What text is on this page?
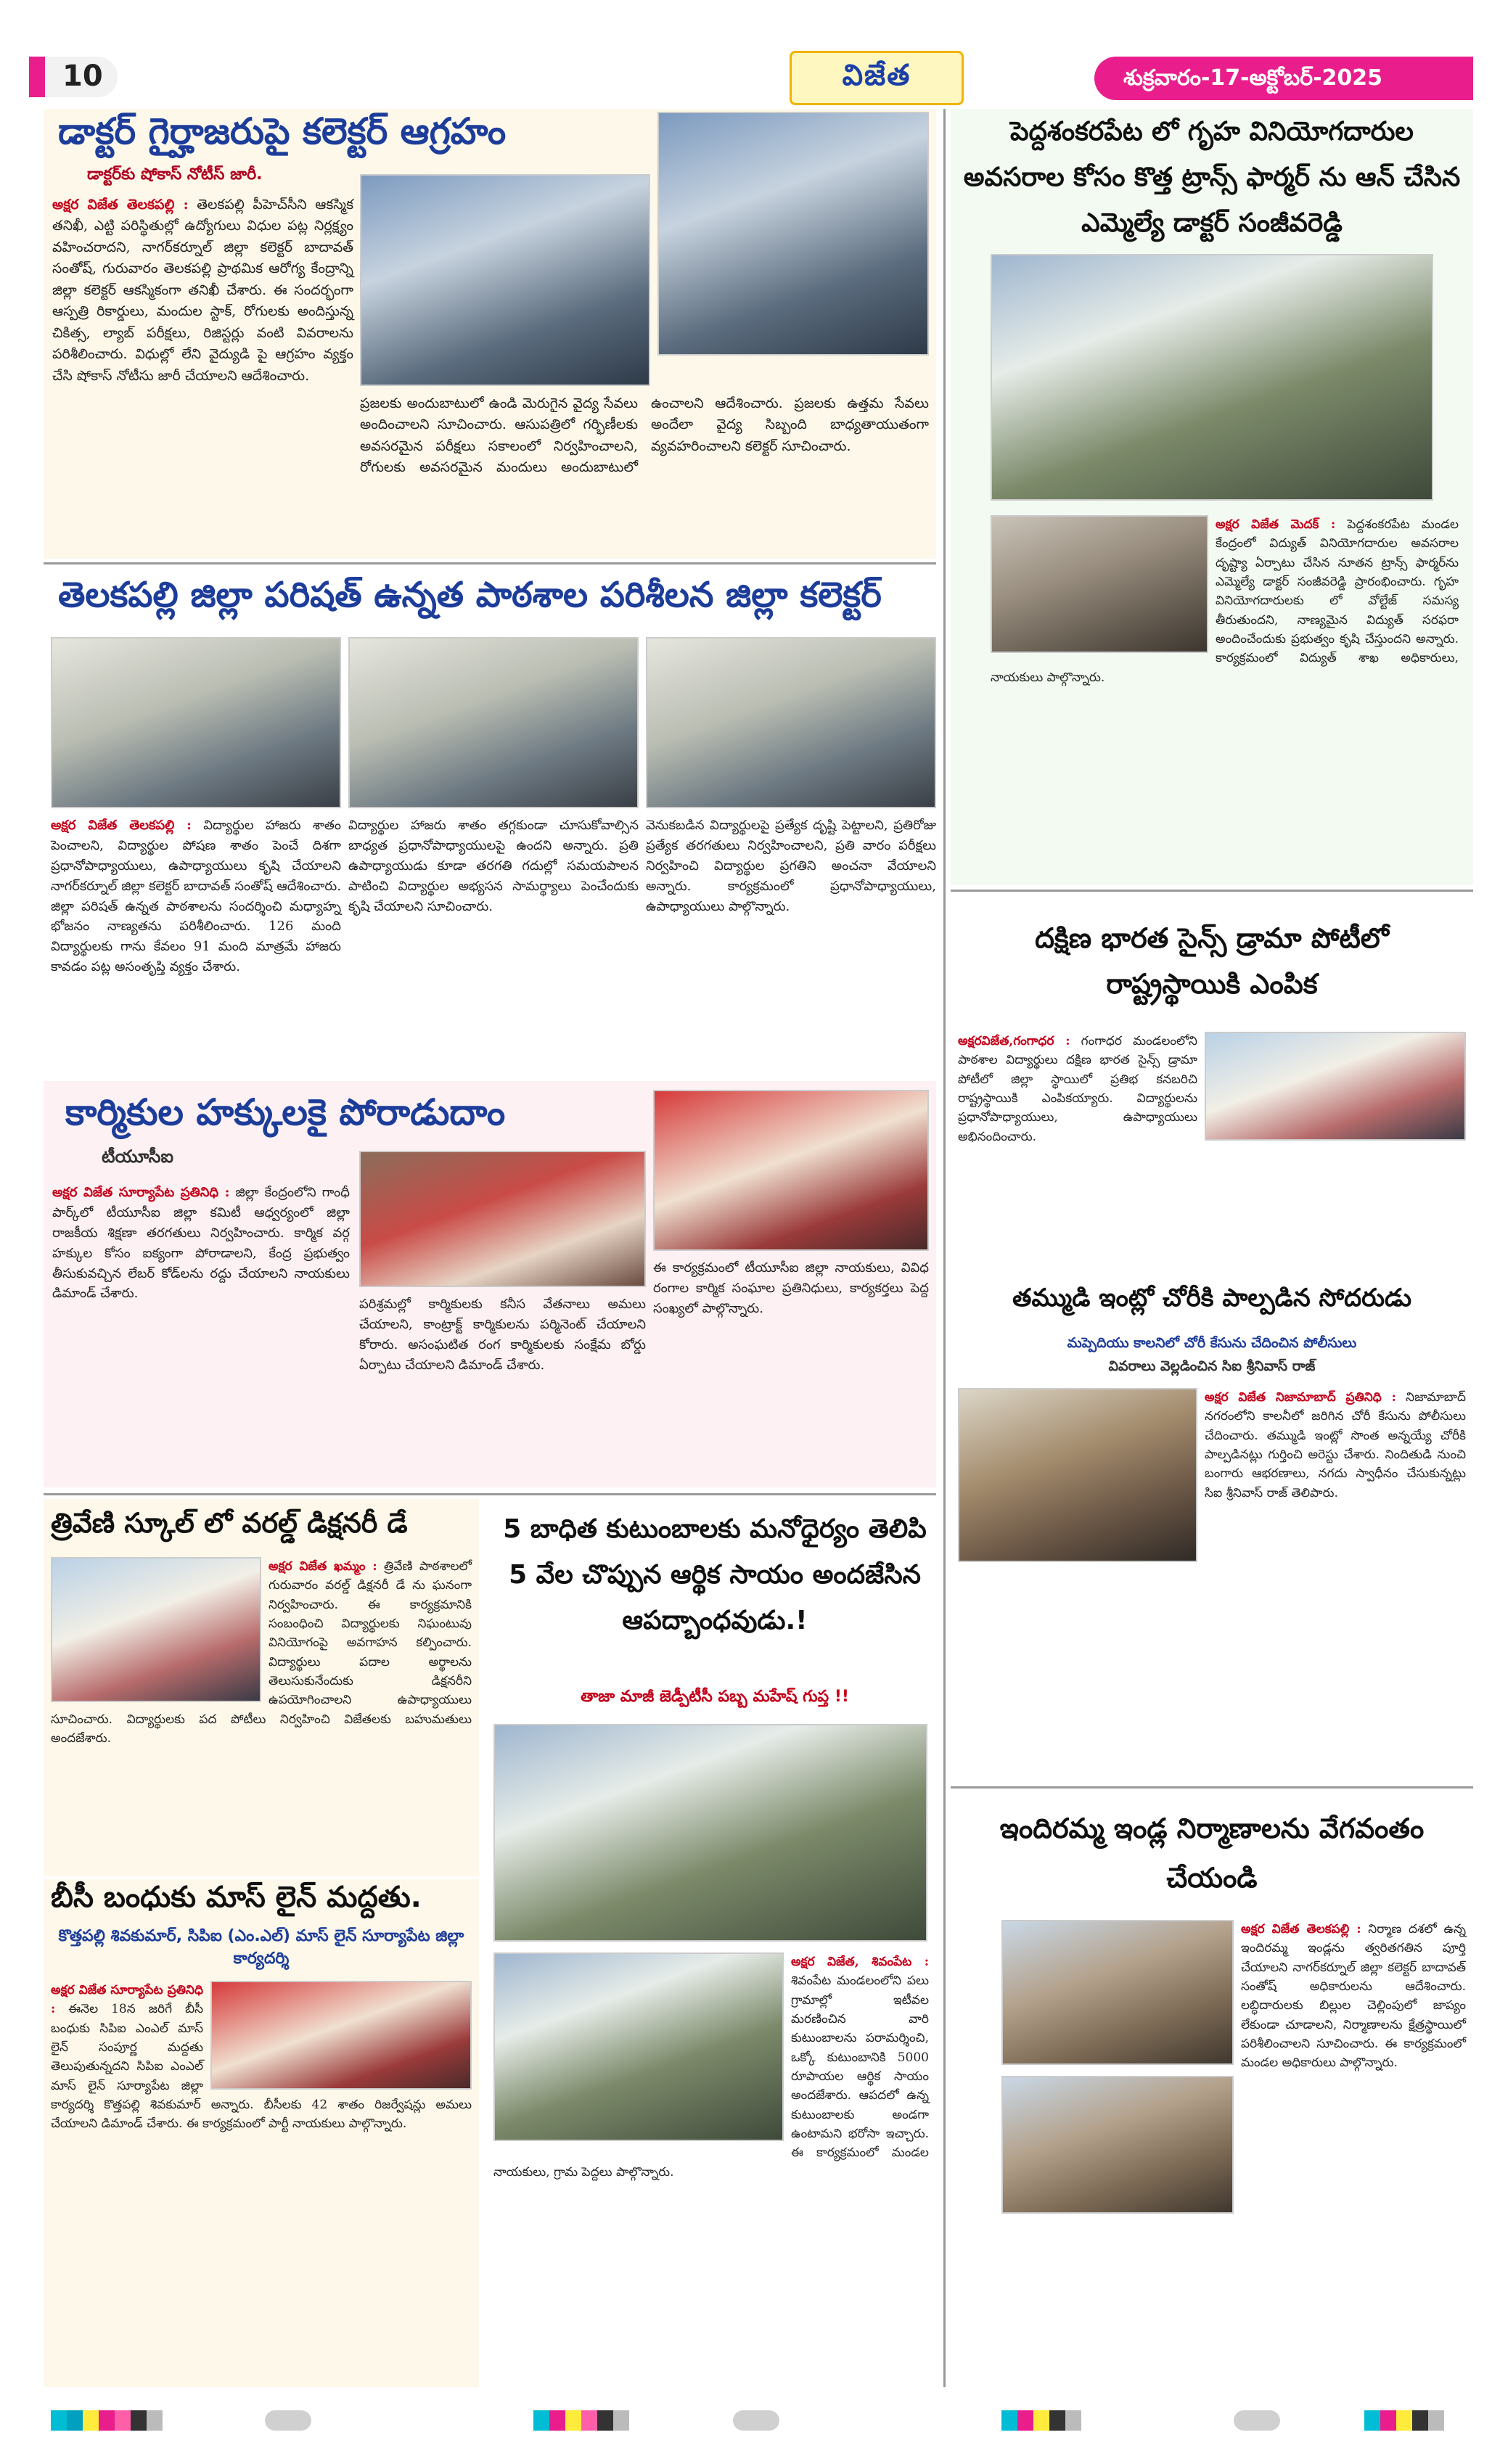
10	విజేత	శుక్రవారం-17-అక్టోబర్-2025
డాక్టర్ గైర్హాజరుపై కలెక్టర్ ఆగ్రహం
డాక్టర్‌కు షోకాస్ నోటీస్ జారీ.
అక్షర విజేత తెలకపల్లి : తెలకపల్లి పీహెచ్‌సీని ఆకస్మిక తనిఖీ, ఎట్టి పరిస్థితుల్లో ఉద్యోగులు విధుల పట్ల నిర్లక్ష్యం వహించరాదని, నాగర్‌కర్నూల్ జిల్లా కలెక్టర్ బాదావత్ సంతోష్, గురువారం తెలకపల్లి ప్రాథమిక ఆరోగ్య కేంద్రాన్ని జిల్లా కలెక్టర్ ఆకస్మికంగా తనిఖీ చేశారు. ఈ సందర్భంగా ఆస్పత్రి రికార్డులు, మందుల స్టాక్, రోగులకు అందిస్తున్న చికిత్స, ల్యాబ్ పరీక్షలు, రిజిస్టర్లు వంటి వివరాలను పరిశీలించారు. విధుల్లో లేని వైద్యుడి పై ఆగ్రహం వ్యక్తం చేసి షోకాస్ నోటీసు జారీ చేయాలని ఆదేశించారు.
ప్రజలకు అందుబాటులో ఉండి మెరుగైన వైద్య సేవలు అందించాలని సూచించారు. ఆసుపత్రిలో గర్భిణీలకు అవసరమైన పరీక్షలు సకాలంలో నిర్వహించాలని, రోగులకు అవసరమైన మందులు అందుబాటులో ఉంచాలని ఆదేశించారు. ప్రజలకు ఉత్తమ సేవలు అందేలా వైద్య సిబ్బంది బాధ్యతాయుతంగా వ్యవహరించాలని కలెక్టర్ సూచించారు.
తెలకపల్లి జిల్లా పరిషత్ ఉన్నత పాఠశాల పరిశీలన జిల్లా కలెక్టర్
అక్షర విజేత తెలకపల్లి : విద్యార్థుల హాజరు శాతం పెంచాలని, విద్యార్థుల పోషణ శాతం పెంచే దిశగా ప్రధానోపాధ్యాయులు, ఉపాధ్యాయులు కృషి చేయాలని నాగర్‌కర్నూల్ జిల్లా కలెక్టర్ బాదావత్ సంతోష్ ఆదేశించారు. జిల్లా పరిషత్ ఉన్నత పాఠశాలను సందర్శించి మధ్యాహ్న భోజనం నాణ్యతను పరిశీలించారు. 126 మంది విద్యార్థులకు గాను కేవలం 91 మంది మాత్రమే హాజరు కావడం పట్ల అసంతృప్తి వ్యక్తం చేశారు.
విద్యార్థుల హాజరు శాతం తగ్గకుండా చూసుకోవాల్సిన బాధ్యత ప్రధానోపాధ్యాయులపై ఉందని అన్నారు. ప్రతి ఉపాధ్యాయుడు కూడా తరగతి గదుల్లో సమయపాలన పాటించి విద్యార్థుల అభ్యసన సామర్థ్యాలు పెంచేందుకు కృషి చేయాలని సూచించారు.
వెనుకబడిన విద్యార్థులపై ప్రత్యేక దృష్టి పెట్టాలని, ప్రతిరోజు ప్రత్యేక తరగతులు నిర్వహించాలని, ప్రతి వారం పరీక్షలు నిర్వహించి విద్యార్థుల ప్రగతిని అంచనా వేయాలని అన్నారు. కార్యక్రమంలో ప్రధానోపాధ్యాయులు, ఉపాధ్యాయులు పాల్గొన్నారు.
కార్మికుల హక్కులకై పోరాడుదాం
టీయూసీఐ
అక్షర విజేత సూర్యాపేట ప్రతినిధి : జిల్లా కేంద్రంలోని గాంధీ పార్క్‌లో టీయూసీఐ జిల్లా కమిటీ ఆధ్వర్యంలో జిల్లా రాజకీయ శిక్షణా తరగతులు నిర్వహించారు. కార్మిక వర్గ హక్కుల కోసం ఐక్యంగా పోరాడాలని, కేంద్ర ప్రభుత్వం తీసుకువచ్చిన లేబర్ కోడ్‌లను రద్దు చేయాలని నాయకులు డిమాండ్ చేశారు.
పరిశ్రమల్లో కార్మికులకు కనీస వేతనాలు అమలు చేయాలని, కాంట్రాక్ట్ కార్మికులను పర్మినెంట్ చేయాలని కోరారు. అసంఘటిత రంగ కార్మికులకు సంక్షేమ బోర్డు ఏర్పాటు చేయాలని డిమాండ్ చేశారు.
ఈ కార్యక్రమంలో టీయూసీఐ జిల్లా నాయకులు, వివిధ రంగాల కార్మిక సంఘాల ప్రతినిధులు, కార్యకర్తలు పెద్ద సంఖ్యలో పాల్గొన్నారు.
త్రివేణి స్కూల్ లో వరల్డ్ డిక్షనరీ డే
అక్షర విజేత ఖమ్మం : త్రివేణి పాఠశాలలో గురువారం వరల్డ్ డిక్షనరీ డే ను ఘనంగా నిర్వహించారు. ఈ కార్యక్రమానికి సంబంధించి విద్యార్థులకు నిఘంటువు వినియోగంపై అవగాహన కల్పించారు. విద్యార్థులు పదాల అర్థాలను తెలుసుకునేందుకు డిక్షనరీని ఉపయోగించాలని ఉపాధ్యాయులు సూచించారు. విద్యార్థులకు పద పోటీలు నిర్వహించి విజేతలకు బహుమతులు అందజేశారు.
బీసీ బంధుకు మాస్ లైన్ మద్దతు.
కొత్తపల్లి శివకుమార్, సిపిఐ (ఎం.ఎల్) మాస్ లైన్ సూర్యాపేట జిల్లా కార్యదర్శి
అక్షర విజేత సూర్యాపేట ప్రతినిధి : ఈనెల 18న జరిగే బీసీ బంధుకు సిపిఐ ఎంఎల్ మాస్ లైన్ సంపూర్ణ మద్దతు తెలుపుతున్నదని సిపిఐ ఎంఎల్ మాస్ లైన్ సూర్యాపేట జిల్లా కార్యదర్శి కొత్తపల్లి శివకుమార్ అన్నారు. బీసీలకు 42 శాతం రిజర్వేషన్లు అమలు చేయాలని డిమాండ్ చేశారు. ఈ కార్యక్రమంలో పార్టీ నాయకులు పాల్గొన్నారు.
5 బాధిత కుటుంబాలకు మనోధైర్యం తెలిపి 5 వేల చొప్పున ఆర్థిక సాయం అందజేసిన ఆపద్బాంధవుడు.!
తాజా మాజీ జెడ్పీటీసీ పబ్బ మహేష్ గుప్త !!
అక్షర విజేత, శివంపేట : శివంపేట మండలంలోని పలు గ్రామాల్లో ఇటీవల మరణించిన వారి కుటుంబాలను పరామర్శించి, ఒక్కో కుటుంబానికి 5000 రూపాయల ఆర్థిక సాయం అందజేశారు. ఆపదలో ఉన్న కుటుంబాలకు అండగా ఉంటామని భరోసా ఇచ్చారు. ఈ కార్యక్రమంలో మండల నాయకులు, గ్రామ పెద్దలు పాల్గొన్నారు.
పెద్దశంకరపేట లో గృహ వినియోగదారుల అవసరాల కోసం కొత్త ట్రాన్స్ ఫార్మర్ ను ఆన్ చేసిన ఎమ్మెల్యే డాక్టర్ సంజీవరెడ్డి
అక్షర విజేత మెదక్ : పెద్దశంకరపేట మండల కేంద్రంలో విద్యుత్ వినియోగదారుల అవసరాల దృష్ట్యా ఏర్పాటు చేసిన నూతన ట్రాన్స్ ఫార్మర్‌ను ఎమ్మెల్యే డాక్టర్ సంజీవరెడ్డి ప్రారంభించారు. గృహ వినియోగదారులకు లో వోల్టేజ్ సమస్య తీరుతుందని, నాణ్యమైన విద్యుత్ సరఫరా అందించేందుకు ప్రభుత్వం కృషి చేస్తుందని అన్నారు. కార్యక్రమంలో విద్యుత్ శాఖ అధికారులు, నాయకులు పాల్గొన్నారు.
దక్షిణ భారత సైన్స్ డ్రామా పోటీలో రాష్ట్రస్థాయికి ఎంపిక
అక్షరవిజేత,గంగాధర : గంగాధర మండలంలోని పాఠశాల విద్యార్థులు దక్షిణ భారత సైన్స్ డ్రామా పోటీలో జిల్లా స్థాయిలో ప్రతిభ కనబరిచి రాష్ట్రస్థాయికి ఎంపికయ్యారు. విద్యార్థులను ప్రధానోపాధ్యాయులు, ఉపాధ్యాయులు అభినందించారు.
తమ్ముడి ఇంట్లో చోరీకి పాల్పడిన సోదరుడు
మప్పెదియు కాలనిలో చోరీ కేసును చేదించిన పోలీసులు
వివరాలు వెల్లడించిన సిఐ శ్రీనివాస్ రాజ్
అక్షర విజేత నిజామాబాద్ ప్రతినిధి : నిజామాబాద్ నగరంలోని కాలనీలో జరిగిన చోరీ కేసును పోలీసులు చేదించారు. తమ్ముడి ఇంట్లో సొంత అన్నయ్యే చోరీకి పాల్పడినట్లు గుర్తించి అరెస్టు చేశారు. నిందితుడి నుంచి బంగారు ఆభరణాలు, నగదు స్వాధీనం చేసుకున్నట్లు సిఐ శ్రీనివాస్ రాజ్ తెలిపారు.
ఇందిరమ్మ ఇండ్ల నిర్మాణాలను వేగవంతం చేయండి
అక్షర విజేత తెలకపల్లి : నిర్మాణ దశలో ఉన్న ఇందిరమ్మ ఇండ్లను త్వరితగతిన పూర్తి చేయాలని నాగర్‌కర్నూల్ జిల్లా కలెక్టర్ బాదావత్ సంతోష్ అధికారులను ఆదేశించారు. లబ్ధిదారులకు బిల్లుల చెల్లింపులో జాప్యం లేకుండా చూడాలని, నిర్మాణాలను క్షేత్రస్థాయిలో పరిశీలించాలని సూచించారు. ఈ కార్యక్రమంలో మండల అధికారులు పాల్గొన్నారు.
